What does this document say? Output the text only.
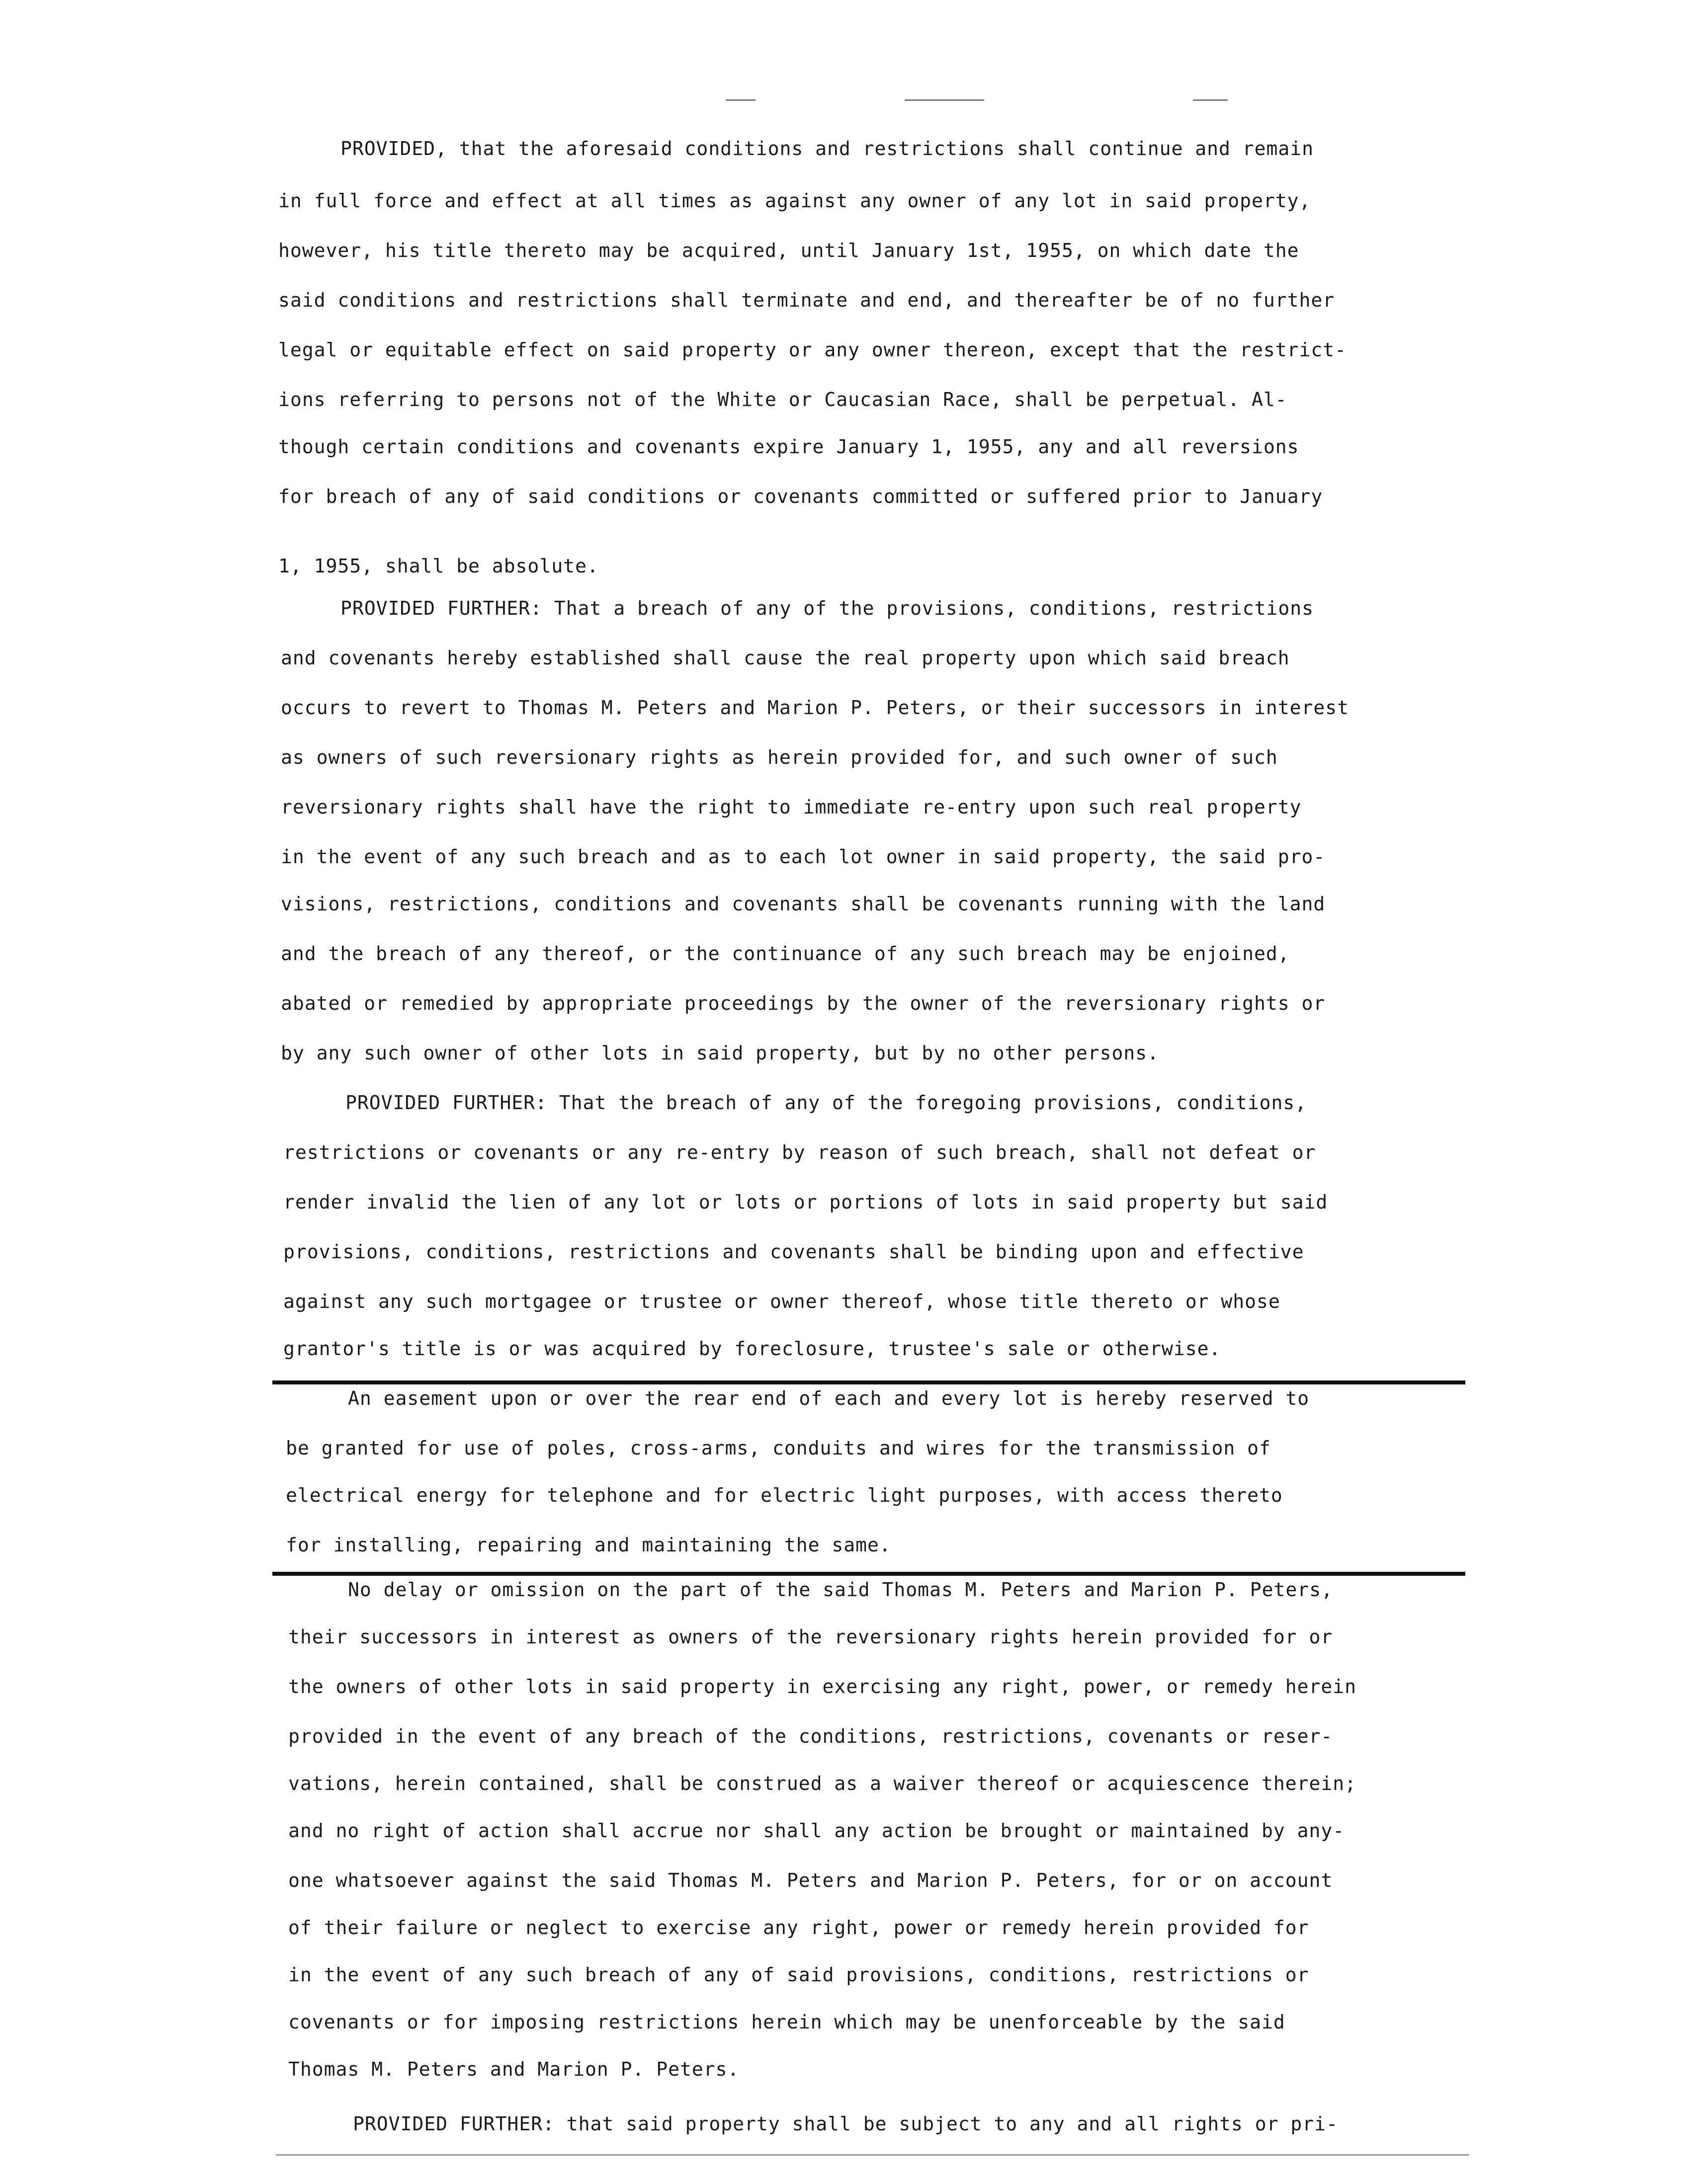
PROVIDED, that the aforesaid conditions and restrictions shall continue and remain
in full force and effect at all times as against any owner of any lot in said property,
however, his title thereto may be acquired, until January 1st, 1955, on which date the
said conditions and restrictions shall terminate and end, and thereafter be of no further
legal or equitable effect on said property or any owner thereon, except that the restrict-
ions referring to persons not of the White or Caucasian Race, shall be perpetual. Al-
though certain conditions and covenants expire January 1, 1955, any and all reversions
for breach of any of said conditions or covenants committed or suffered prior to January
1, 1955, shall be absolute.
PROVIDED FURTHER: That a breach of any of the provisions, conditions, restrictions
and covenants hereby established shall cause the real property upon which said breach
occurs to revert to Thomas M. Peters and Marion P. Peters, or their successors in interest
as owners of such reversionary rights as herein provided for, and such owner of such
reversionary rights shall have the right to immediate re-entry upon such real property
in the event of any such breach and as to each lot owner in said property, the said pro-
visions, restrictions, conditions and covenants shall be covenants running with the land
and the breach of any thereof, or the continuance of any such breach may be enjoined,
abated or remedied by appropriate proceedings by the owner of the reversionary rights or
by any such owner of other lots in said property, but by no other persons.
PROVIDED FURTHER: That the breach of any of the foregoing provisions, conditions,
restrictions or covenants or any re-entry by reason of such breach, shall not defeat or
render invalid the lien of any lot or lots or portions of lots in said property but said
provisions, conditions, restrictions and covenants shall be binding upon and effective
against any such mortgagee or trustee or owner thereof, whose title thereto or whose
grantor's title is or was acquired by foreclosure, trustee's sale or otherwise.
An easement upon or over the rear end of each and every lot is hereby reserved to
be granted for use of poles, cross-arms, conduits and wires for the transmission of
electrical energy for telephone and for electric light purposes, with access thereto
for installing, repairing and maintaining the same.
No delay or omission on the part of the said Thomas M. Peters and Marion P. Peters,
their successors in interest as owners of the reversionary rights herein provided for or
the owners of other lots in said property in exercising any right, power, or remedy herein
provided in the event of any breach of the conditions, restrictions, covenants or reser-
vations, herein contained, shall be construed as a waiver thereof or acquiescence therein;
and no right of action shall accrue nor shall any action be brought or maintained by any-
one whatsoever against the said Thomas M. Peters and Marion P. Peters, for or on account
of their failure or neglect to exercise any right, power or remedy herein provided for
in the event of any such breach of any of said provisions, conditions, restrictions or
covenants or for imposing restrictions herein which may be unenforceable by the said
Thomas M. Peters and Marion P. Peters.
PROVIDED FURTHER: that said property shall be subject to any and all rights or pri-
